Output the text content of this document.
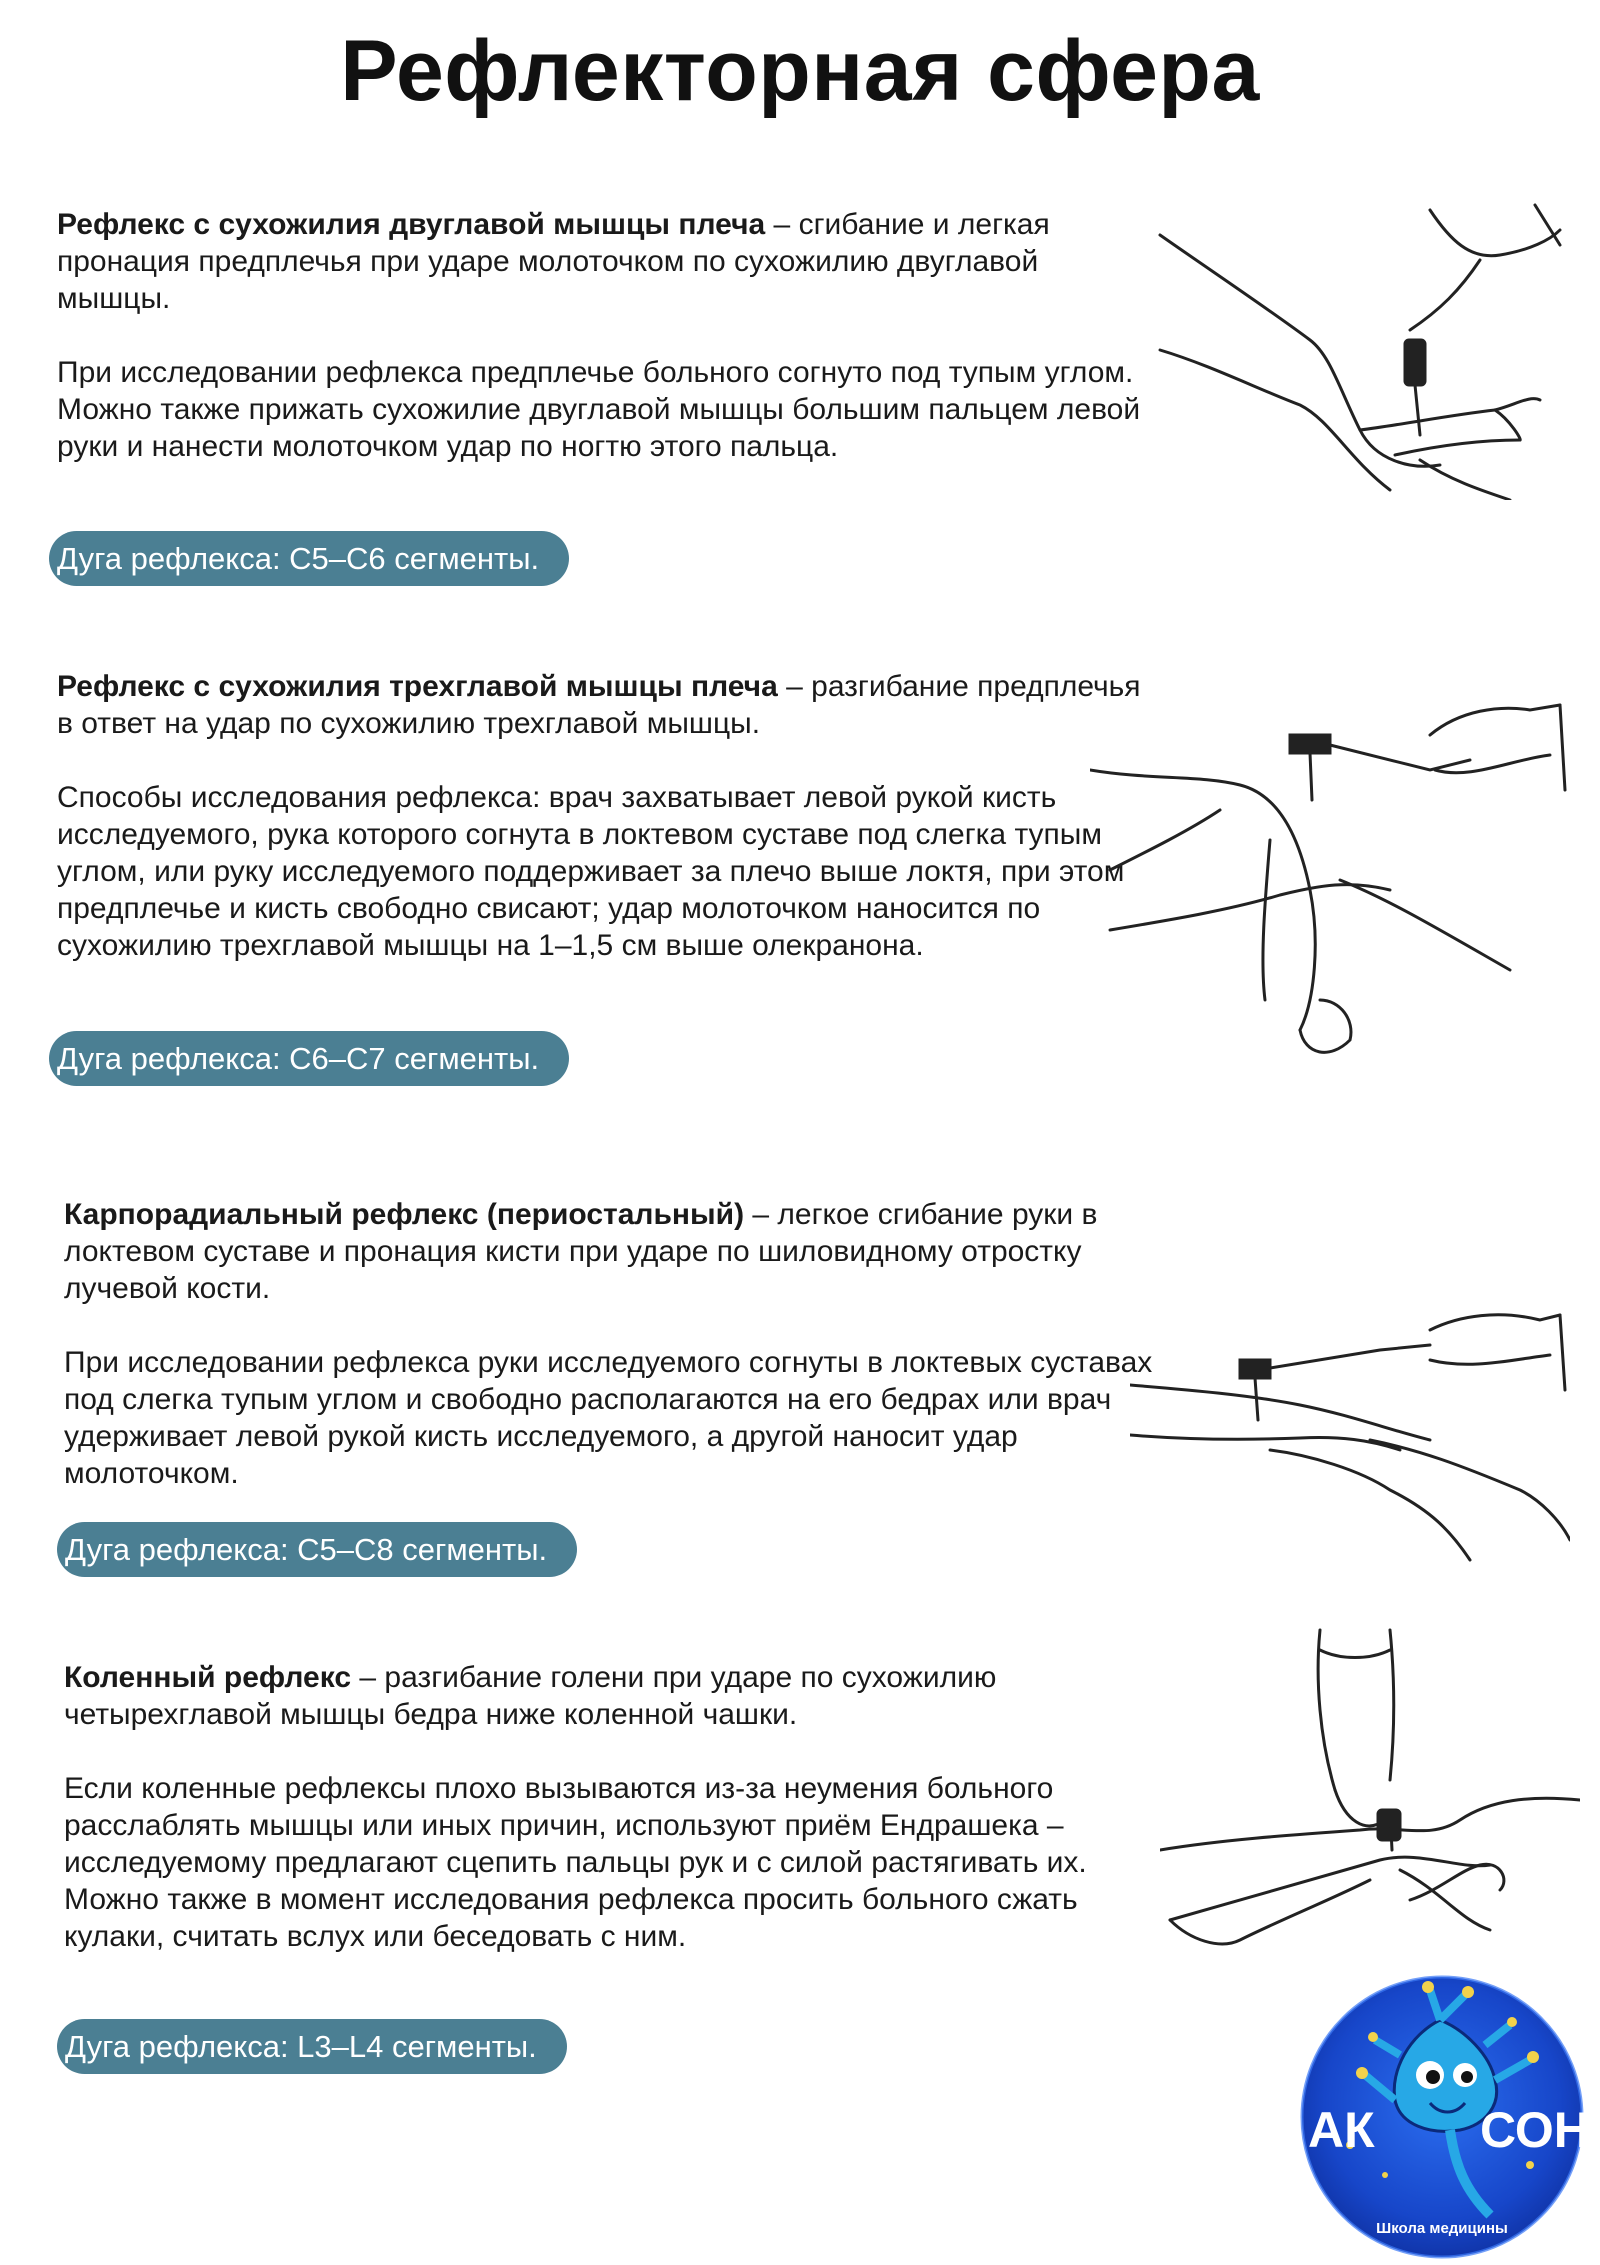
Рефлекторная сфера

Рефлекс с сухожилия двуглавой мышцы плеча – сгибание и легкая пронация предплечья при ударе молоточком по сухожилию двуглавой мышцы.

При исследовании рефлекса предплечье больного согнуто под тупым углом. Можно также прижать сухожилие двуглавой мышцы большим пальцем левой руки и нанести молоточком удар по ногтю этого пальца.

Дуга рефлекса: C5–C6 сегменты.

Рефлекс с сухожилия трехглавой мышцы плеча – разгибание предплечья в ответ на удар по сухожилию трехглавой мышцы.

Способы исследования рефлекса: врач захватывает левой рукой кисть исследуемого, рука которого согнута в локтевом суставе под слегка тупым углом, или руку исследуемого поддерживает за плечо выше локтя, при этом предплечье и кисть свободно свисают; удар молоточком наносится по сухожилию трехглавой мышцы на 1–1,5 см выше олекранона.

Дуга рефлекса: C6–C7 сегменты.

Карпорадиальный рефлекс (периостальный) – легкое сгибание руки в локтевом суставе и пронация кисти при ударе по шиловидному отростку лучевой кости.

При исследовании рефлекса руки исследуемого согнуты в локтевых суставах под слегка тупым углом и свободно располагаются на его бедрах или врач удерживает левой рукой кисть исследуемого, а другой наносит удар молоточком.

Дуга рефлекса: C5–C8 сегменты.

Коленный рефлекс – разгибание голени при ударе по сухожилию четырехглавой мышцы бедра ниже коленной чашки.

Если коленные рефлексы плохо вызываются из-за неумения больного расслаблять мышцы или иных причин, используют приём Ендрашека – исследуемому предлагают сцепить пальцы рук и с силой растягивать их. Можно также в момент исследования рефлекса просить больного сжать кулаки, считать вслух или беседовать с ним.

Дуга рефлекса: L3–L4 сегменты.
АК СОН
Школа медицины
